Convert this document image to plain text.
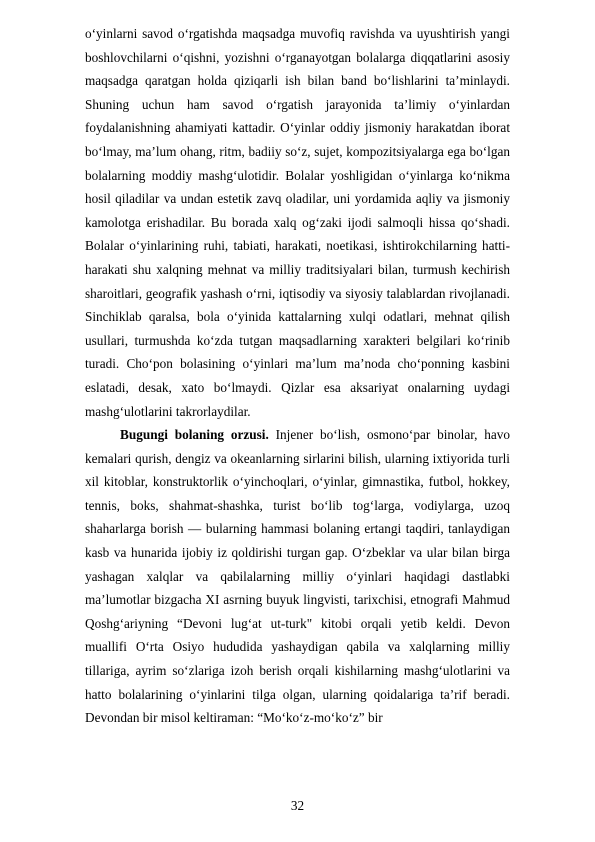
o‘yinlarni savod o‘rgatishda maqsadga muvofiq ravishda va uyushtirish yangi boshlovchilarni o‘qishni, yozishni o‘rganayotgan bolalarga diqqatlarini asosiy maqsadga qaratgan holda qiziqarli ish bilan band bo‘lishlarini ta’minlaydi. Shuning uchun ham savod o‘rgatish jarayonida ta’limiy o‘yinlardan foydalanishning ahamiyati kattadir. O‘yinlar oddiy jismoniy harakatdan iborat bo‘lmay, ma’lum ohang, ritm, badiiy so‘z, sujet, kompozitsiyalarga ega bo‘lgan bolalarning moddiy mashg‘ulotidir. Bolalar yoshligidan o‘yinlarga ko‘nikma hosil qiladilar va undan estetik zavq oladilar, uni yordamida aqliy va jismoniy kamolotga erishadilar. Bu borada xalq og‘zaki ijodi salmoqli hissa qo‘shadi. Bolalar o‘yinlarining ruhi, tabiati, harakati, noetikasi, ishtirokchilarning hatti-harakati shu xalqning mehnat va milliy traditsiyalari bilan, turmush kechirish sharoitlari, geografik yashash o‘rni, iqtisodiy va siyosiy talablardan rivojlanadi. Sinchiklab qaralsa, bola o‘yinida kattalarning xulqi odatlari, mehnat qilish usullari, turmushda ko‘zda tutgan maqsadlarning xarakteri belgilari ko‘rinib turadi. Cho‘pon bolasining o‘yinlari ma’lum ma’noda cho‘ponning kasbini eslatadi, desak, xato bo‘lmaydi. Qizlar esa aksariyat onalarning uydagi mashg‘ulotlarini takrorlaydilar.

Bugungi bolaning orzusi. Injener bo‘lish, osmono‘par binolar, havo kemalari qurish, dengiz va okeanlarning sirlarini bilish, ularning ixtiyorida turli xil kitoblar, konstruktorlik o‘yinchoqlari, o‘yinlar, gimnastika, futbol, hokkey, tennis, boks, shahmat-shashka, turist bo‘lib tog‘larga, vodiylarga, uzoq shaharlarga borish — bularning hammasi bolaning ertangi taqdiri, tanlaydigan kasb va hunarida ijobiy iz qoldirishi turgan gap. O‘zbeklar va ular bilan birga yashagan xalqlar va qabilalarning milliy o‘yinlari haqidagi dastlabki ma’lumotlar bizgacha XI asrning buyuk lingvisti, tarixchisi, etnografi Mahmud Qoshg‘ariyning “Devoni lug‘at ut-turk" kitobi orqali yetib keldi. Devon muallifi O‘rta Osiyo hududida yashaydigan qabila va xalqlarning milliy tillariga, ayrim so‘zlariga izoh berish orqali kishilarning mashg‘ulotlarini va hatto bolalarining o‘yinlarini tilga olgan, ularning qoidalariga ta’rif beradi. Devondan bir misol keltiraman: “Mo‘ko‘z-mo‘ko‘z” bir

32
